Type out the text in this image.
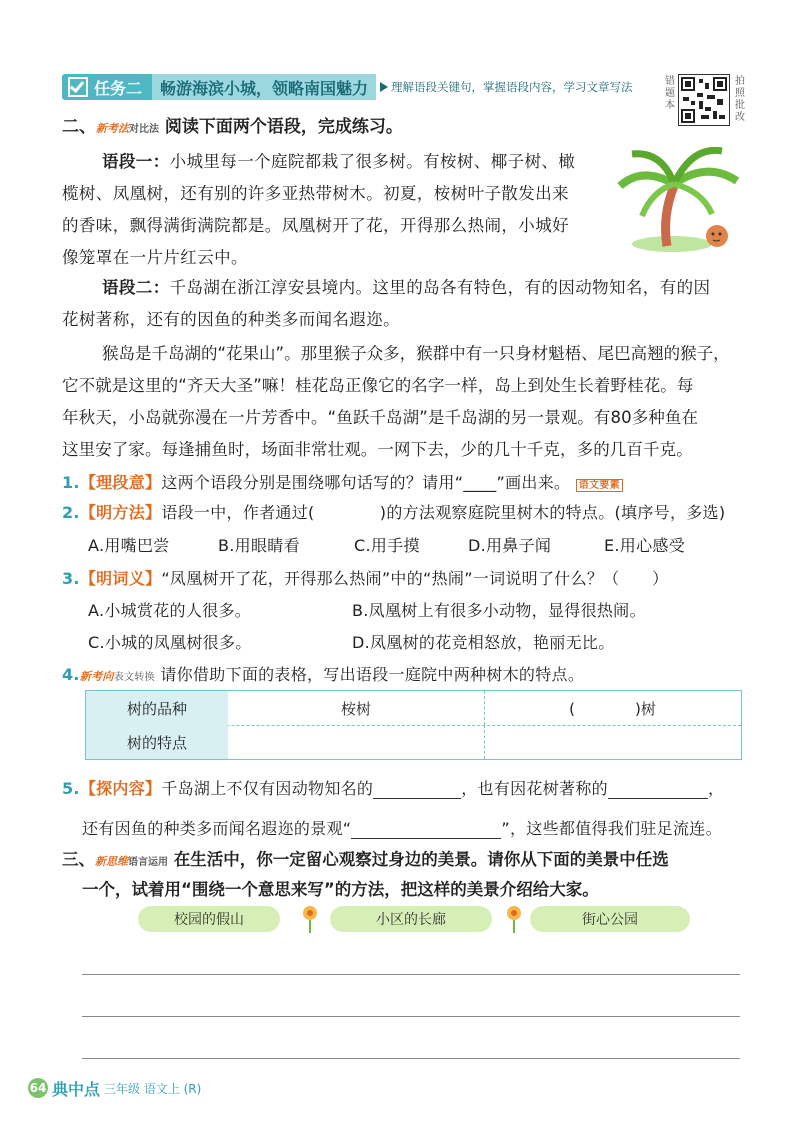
任务二	畅游海滨小城，领略南国魅力	理解语段关键句，掌握语段内容，学习文章写法	错题本
拍照批改
二、新考法对比法 阅读下面两个语段，完成练习。
语段一：小城里每一个庭院都栽了很多树。有桉树、椰子树、橄
榄树、凤凰树，还有别的许多亚热带树木。初夏，桉树叶子散发出来
的香味，飘得满街满院都是。凤凰树开了花，开得那么热闹，小城好
像笼罩在一片片红云中。
语段二：千岛湖在浙江淳安县境内。这里的岛各有特色，有的因动物知名，有的因
花树著称，还有的因鱼的种类多而闻名遐迩。
猴岛是千岛湖的“花果山”。那里猴子众多，猴群中有一只身材魁梧、尾巴高翘的猴子，
它不就是这里的“齐天大圣”嘛！桂花岛正像它的名字一样，岛上到处生长着野桂花。每
年秋天，小岛就弥漫在一片芳香中。“鱼跃千岛湖”是千岛湖的另一景观。有80多种鱼在
这里安了家。每逢捕鱼时，场面非常壮观。一网下去，少的几十千克，多的几百千克。
1.【理段意】这两个语段分别是围绕哪句话写的？请用“____”画出来。 语文要素
2.【明方法】语段一中，作者通过(　　　　)的方法观察庭院里树木的特点。(填序号，多选)
A.用嘴巴尝	B.用眼睛看	C.用手摸	D.用鼻子闻	E.用心感受
3.【明词义】“凤凰树开了花，开得那么热闹”中的“热闹”一词说明了什么？（　　）
A.小城赏花的人很多。	B.凤凰树上有很多小动物，显得很热闹。
C.小城的凤凰树很多。	D.凤凰树的花竞相怒放，艳丽无比。
4.新考向表文转换 请你借助下面的表格，写出语段一庭院中两种树木的特点。
树的品种	桉树	(　　　　)树
树的特点
5.【探内容】千岛湖上不仅有因动物知名的	，也有因花树著称的	，
还有因鱼的种类多而闻名遐迩的景观“	”，这些都值得我们驻足流连。
三、新思维语言运用 在生活中，你一定留心观察过身边的美景。请你从下面的美景中任选
一个，试着用“围绕一个意思来写”的方法，把这样的美景介绍给大家。
校园的假山	小区的长廊	街心公园
64 典中点 三年级 语文上 (R)
